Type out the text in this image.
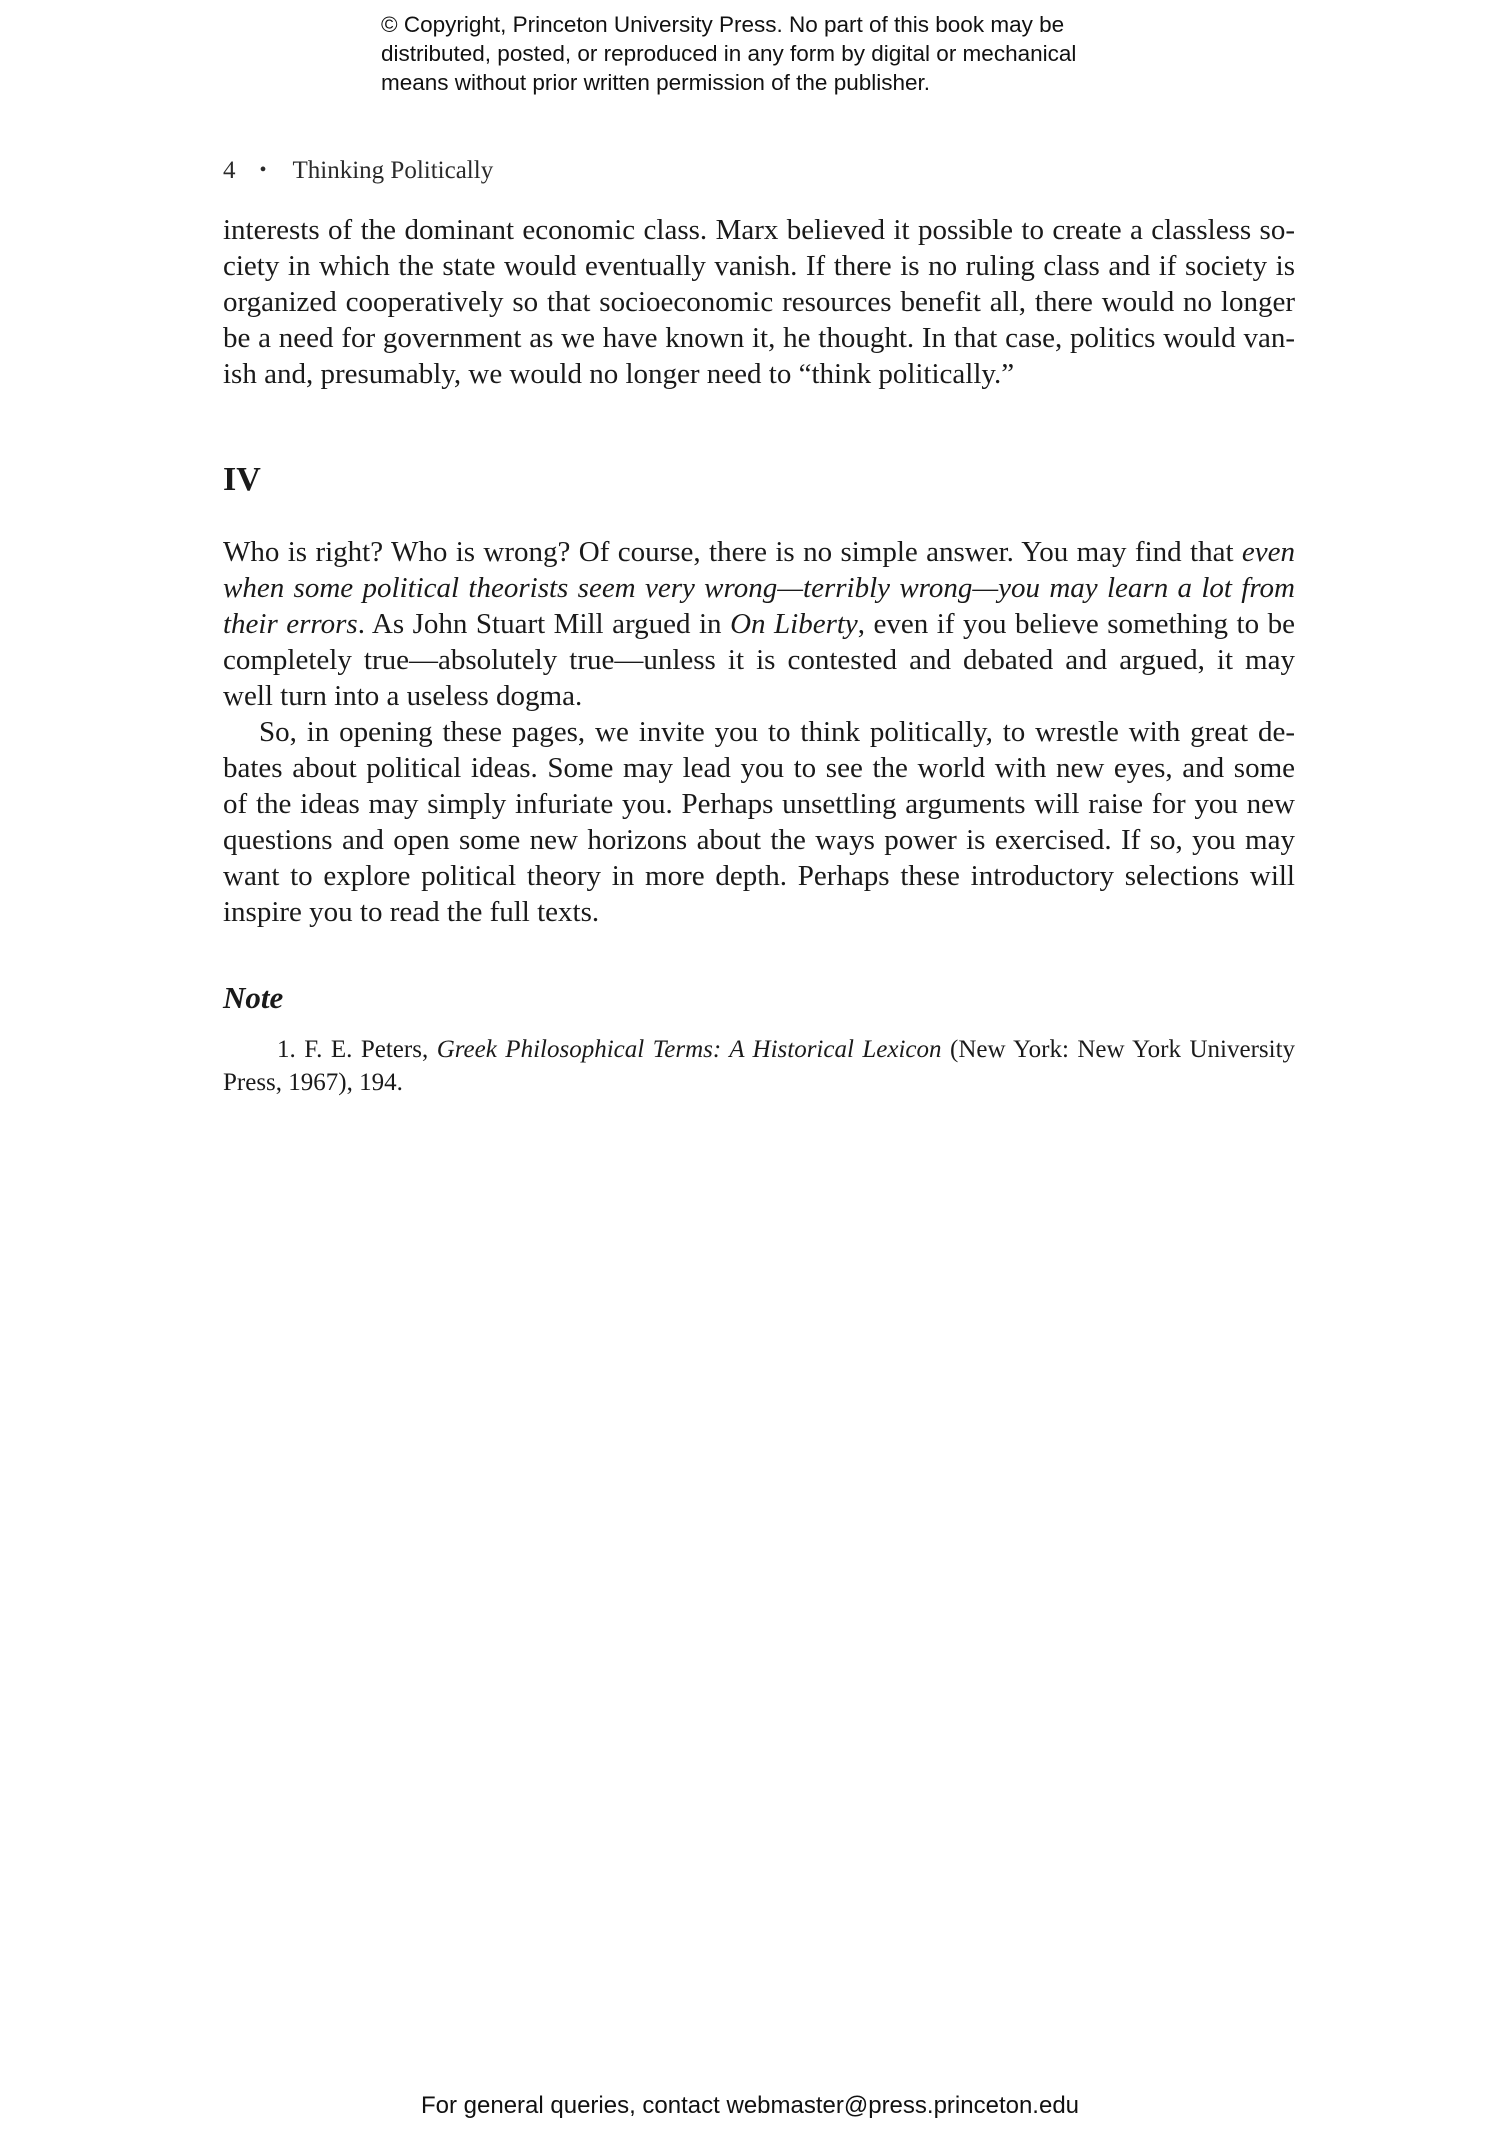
© Copyright, Princeton University Press. No part of this book may be
distributed, posted, or reproduced in any form by digital or mechanical
means without prior written permission of the publisher.
4 • Thinking Politically
interests of the dominant economic class. Marx believed it possible to create a classless so-
ciety in which the state would eventually vanish. If there is no ruling class and if society is
organized cooperatively so that socioeconomic resources benefit all, there would no longer
be a need for government as we have known it, he thought. In that case, politics would van-
ish and, presumably, we would no longer need to “think politically.”
IV
Who is right? Who is wrong? Of course, there is no simple answer. You may find that even
when some political theorists seem very wrong—terribly wrong—you may learn a lot from
their errors. As John Stuart Mill argued in On Liberty, even if you believe something to be
completely true—absolutely true—unless it is contested and debated and argued, it may
well turn into a useless dogma.
So, in opening these pages, we invite you to think politically, to wrestle with great de-
bates about political ideas. Some may lead you to see the world with new eyes, and some
of the ideas may simply infuriate you. Perhaps unsettling arguments will raise for you new
questions and open some new horizons about the ways power is exercised. If so, you may
want to explore political theory in more depth. Perhaps these introductory selections will
inspire you to read the full texts.
Note
1. F. E. Peters, Greek Philosophical Terms: A Historical Lexicon (New York: New York University
Press, 1967), 194.
For general queries, contact webmaster@press.princeton.edu
